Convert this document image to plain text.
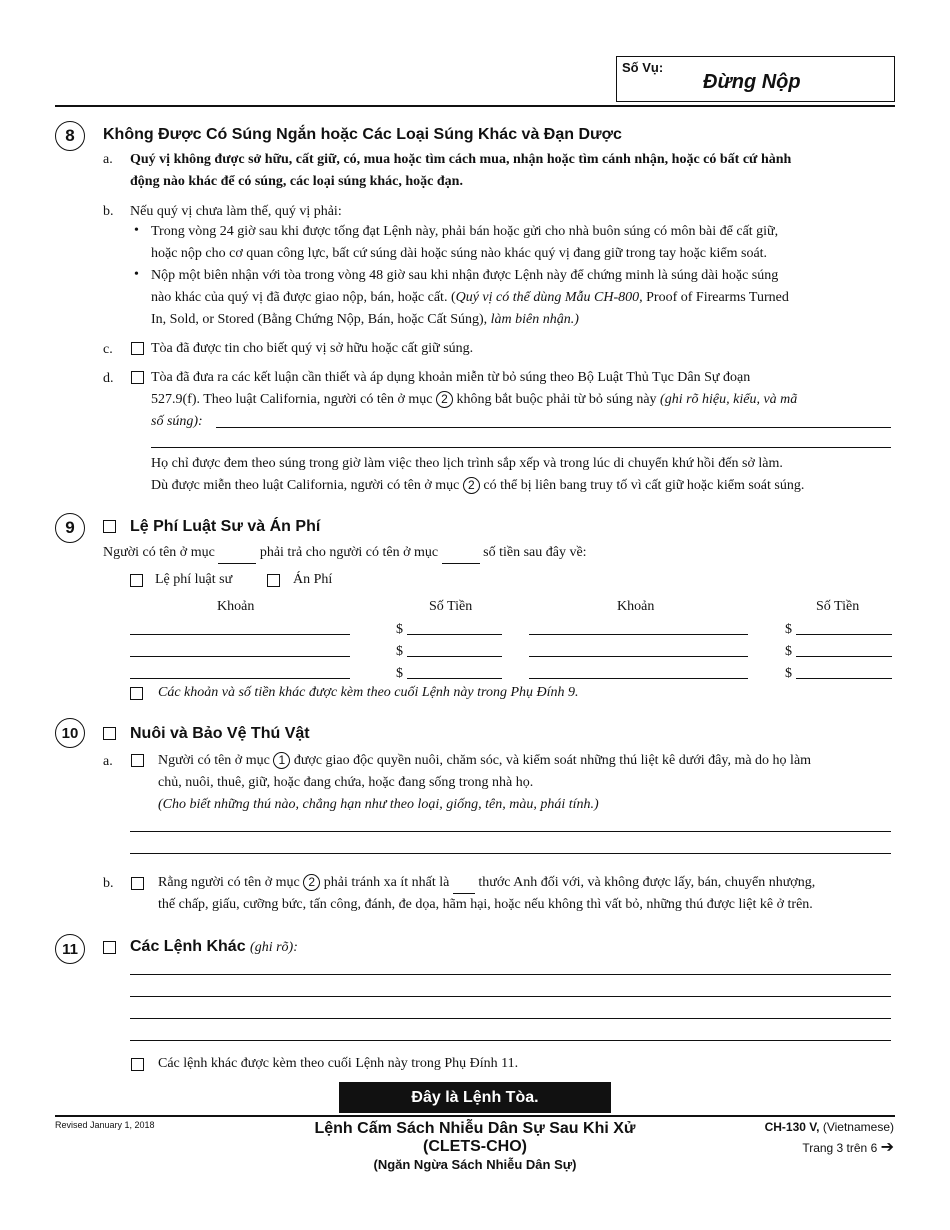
Số Vụ:
Đừng Nộp
8	Không Được Có Súng Ngắn hoặc Các Loại Súng Khác và Đạn Dược
a. Quý vị không được sở hữu, cất giữ, có, mua hoặc tìm cách mua, nhận hoặc tìm cánh nhận, hoặc có bất cứ hành
động nào khác để có súng, các loại súng khác, hoặc đạn.
b. Nếu quý vị chưa làm thế, quý vị phải:
• Trong vòng 24 giờ sau khi được tống đạt Lệnh này, phải bán hoặc gửi cho nhà buôn súng có môn bài để cất giữ,
hoặc nộp cho cơ quan công lực, bất cứ súng dài hoặc súng nào khác quý vị đang giữ trong tay hoặc kiểm soát.
• Nộp một biên nhận với tòa trong vòng 48 giờ sau khi nhận được Lệnh này để chứng minh là súng dài hoặc súng
nào khác của quý vị đã được giao nộp, bán, hoặc cất. (Quý vị có thể dùng Mẫu CH-800, Proof of Firearms Turned
In, Sold, or Stored (Bằng Chứng Nộp, Bán, hoặc Cất Súng), làm biên nhận.)
c.	Tòa đã được tin cho biết quý vị sở hữu hoặc cất giữ súng.
d.	Tòa đã đưa ra các kết luận cần thiết và áp dụng khoản miễn từ bỏ súng theo Bộ Luật Thủ Tục Dân Sự đoạn
527.9(f). Theo luật California, người có tên ở mục 2 không bắt buộc phải từ bỏ súng này (ghi rõ hiệu, kiểu, và mã
số súng):
Họ chỉ được đem theo súng trong giờ làm việc theo lịch trình sắp xếp và trong lúc di chuyển khứ hồi đến sở làm.
Dù được miễn theo luật California, người có tên ở mục 2 có thể bị liên bang truy tố vì cất giữ hoặc kiểm soát súng.
9	Lệ Phí Luật Sư và Án Phí
Người có tên ở mục	phải trả cho người có tên ở mục	số tiền sau đây về:
Lệ phí luật sư	Án Phí
Khoản	Số Tiền	Khoản	Số Tiền
$	$
$	$
$	$
Các khoản và số tiền khác được kèm theo cuối Lệnh này trong Phụ Đính 9.
10	Nuôi và Bảo Vệ Thú Vật
a.	Người có tên ở mục 1 được giao độc quyền nuôi, chăm sóc, và kiểm soát những thú liệt kê dưới đây, mà do họ làm
chủ, nuôi, thuê, giữ, hoặc đang chứa, hoặc đang sống trong nhà họ.
(Cho biết những thú nào, chẳng hạn như theo loại, giống, tên, màu, phái tính.)
b.	Rằng người có tên ở mục 2 phải tránh xa ít nhất là thước Anh đối với, và không được lấy, bán, chuyển nhượng,
thế chấp, giấu, cưỡng bức, tấn công, đánh, đe dọa, hãm hại, hoặc nếu không thì vất bỏ, những thú được liệt kê ở trên.
11	Các Lệnh Khác (ghi rõ):
Các lệnh khác được kèm theo cuối Lệnh này trong Phụ Đính 11.
Đây là Lệnh Tòa.
Revised January 1, 2018	Lệnh Cấm Sách Nhiễu Dân Sự Sau Khi Xử
(CLETS-CHO)
(Ngăn Ngừa Sách Nhiễu Dân Sự)
CH-130 V, (Vietnamese)
Trang 3 trên 6 ➔
